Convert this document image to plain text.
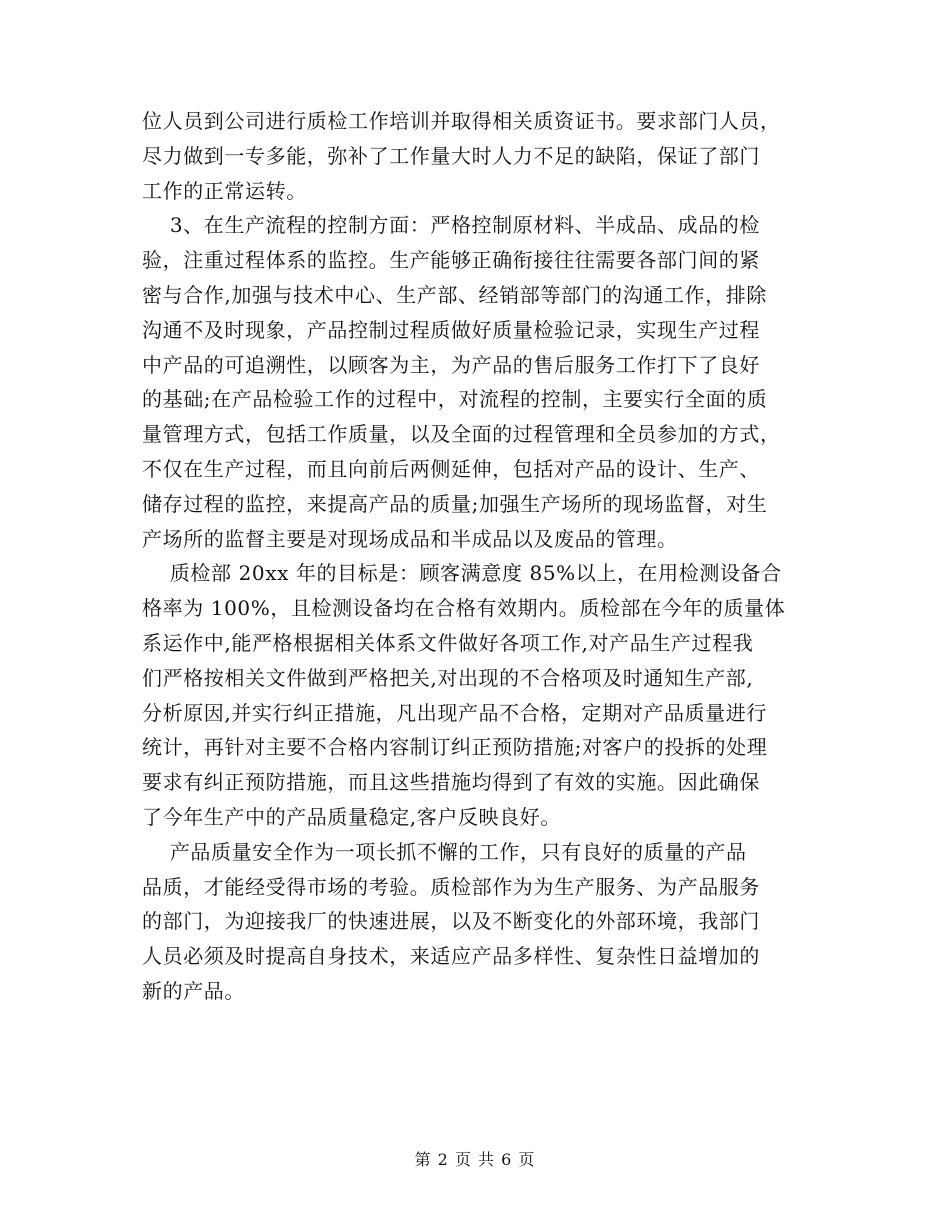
位人员到公司进行质检工作培训并取得相关质资证书。要求部门人员，
尽力做到一专多能，弥补了工作量大时人力不足的缺陷，保证了部门
工作的正常运转。
3、在生产流程的控制方面：严格控制原材料、半成品、成品的检
验，注重过程体系的监控。生产能够正确衔接往往需要各部门间的紧
密与合作,加强与技术中心、生产部、经销部等部门的沟通工作，排除
沟通不及时现象，产品控制过程质做好质量检验记录，实现生产过程
中产品的可追溯性，以顾客为主，为产品的售后服务工作打下了良好
的基础;在产品检验工作的过程中，对流程的控制，主要实行全面的质
量管理方式，包括工作质量，以及全面的过程管理和全员参加的方式，
不仅在生产过程，而且向前后两侧延伸，包括对产品的设计、生产、
储存过程的监控，来提高产品的质量;加强生产场所的现场监督，对生
产场所的监督主要是对现场成品和半成品以及废品的管理。
质检部 20xx 年的目标是：顾客满意度 85%以上，在用检测设备合
格率为 100%，且检测设备均在合格有效期内。质检部在今年的质量体
系运作中,能严格根据相关体系文件做好各项工作,对产品生产过程我
们严格按相关文件做到严格把关,对出现的不合格项及时通知生产部,
分析原因,并实行纠正措施，凡出现产品不合格，定期对产品质量进行
统计，再针对主要不合格内容制订纠正预防措施;对客户的投拆的处理
要求有纠正预防措施，而且这些措施均得到了有效的实施。因此确保
了今年生产中的产品质量稳定,客户反映良好。
产品质量安全作为一项长抓不懈的工作，只有良好的质量的产品
品质，才能经受得市场的考验。质检部作为为生产服务、为产品服务
的部门，为迎接我厂的快速进展，以及不断变化的外部环境，我部门
人员必须及时提高自身技术，来适应产品多样性、复杂性日益增加的
新的产品。
第 2 页 共 6 页
